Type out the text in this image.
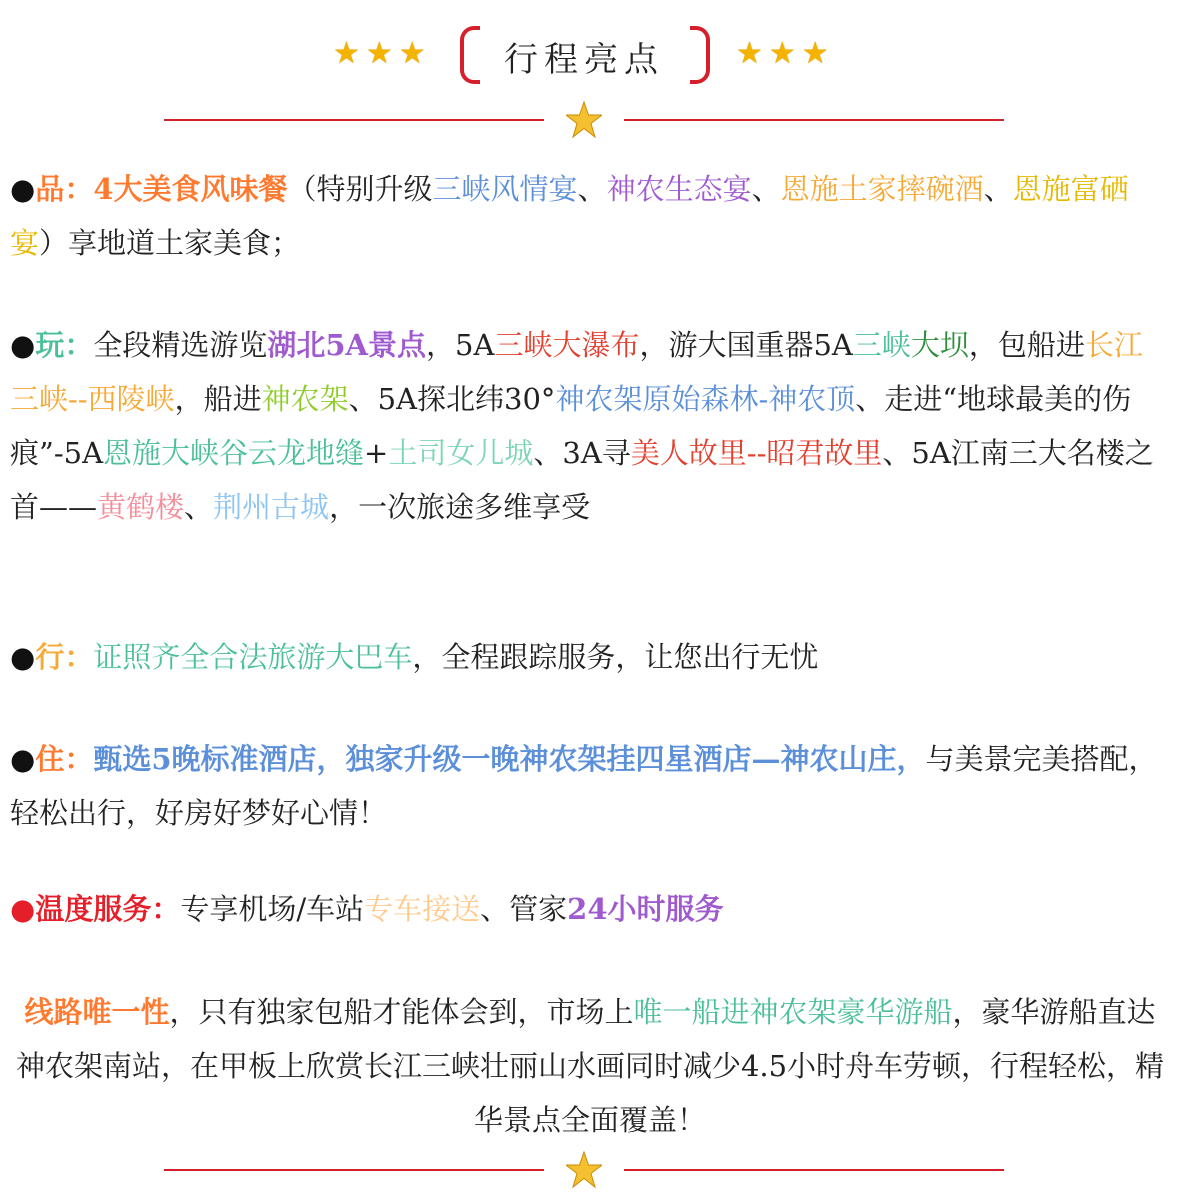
★★★	行程亮点	★★★
●品：4大美食风味餐（特别升级三峡风情宴、神农生态宴、恩施土家摔碗酒、恩施富硒宴）享地道土家美食；
●玩：全段精选游览湖北5A景点，5A三峡大瀑布，游大国重器5A三峡大坝，包船进长江三峡--西陵峡，船进神农架、5A探北纬30°神农架原始森林-神农顶、走进“地球最美的伤痕”-5A恩施大峡谷云龙地缝+土司女儿城、3A寻美人故里--昭君故里、5A江南三大名楼之首——黄鹤楼、荆州古城，一次旅途多维享受
●行：证照齐全合法旅游大巴车，全程跟踪服务，让您出行无忧
●住：甄选5晚标准酒店，独家升级一晚神农架挂四星酒店—神农山庄，与美景完美搭配，轻松出行，好房好梦好心情！
●温度服务：专享机场/车站专车接送、管家24小时服务
线路唯一性，只有独家包船才能体会到，市场上唯一船进神农架豪华游船，豪华游船直达神农架南站，在甲板上欣赏长江三峡壮丽山水画同时减少4.5小时舟车劳顿，行程轻松，精华景点全面覆盖！
